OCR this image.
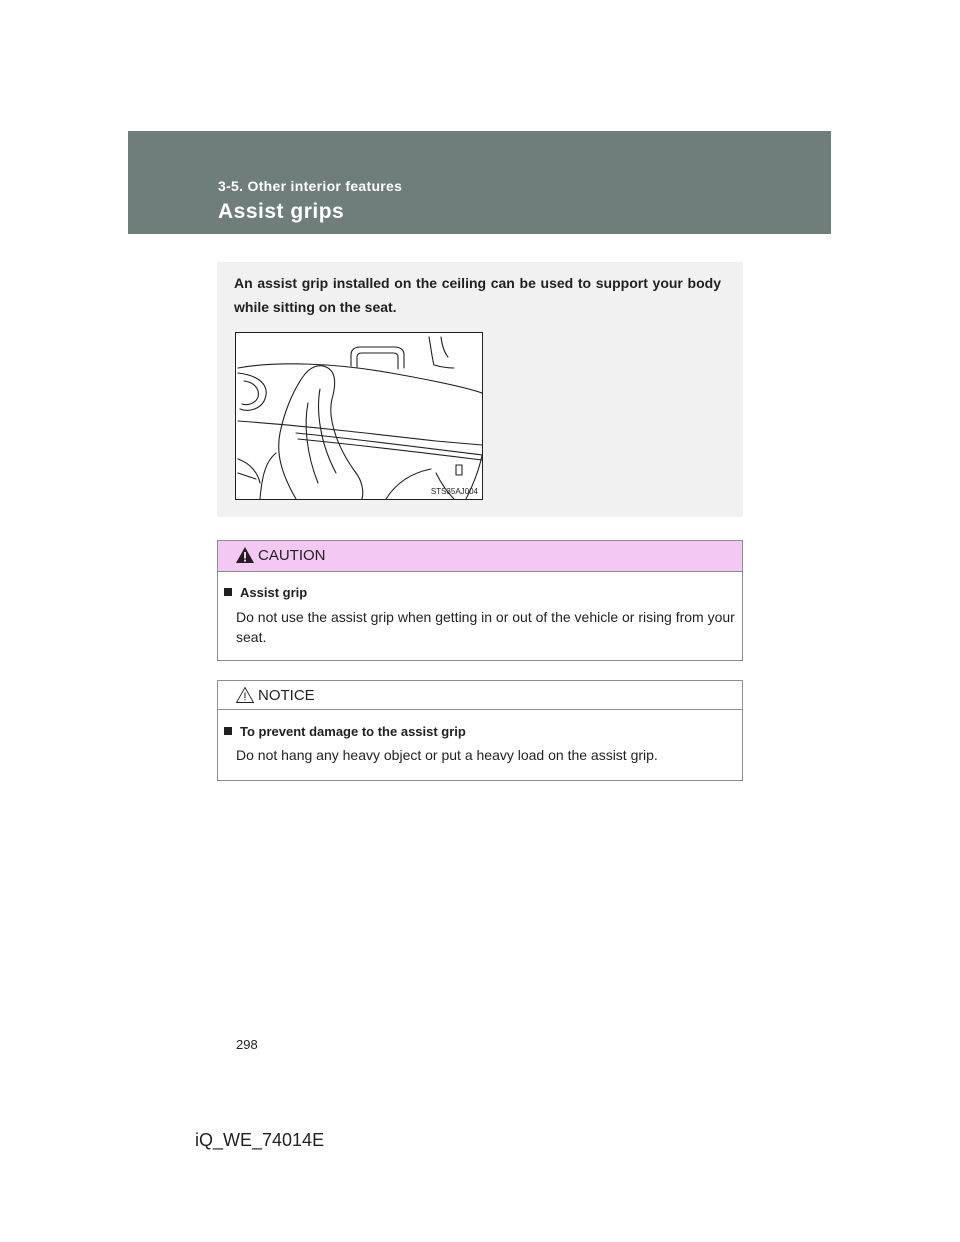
3-5. Other interior features
Assist grips
An assist grip installed on the ceiling can be used to support your body while sitting on the seat.
STS35AJ004
CAUTION
Assist grip
Do not use the assist grip when getting in or out of the vehicle or rising from your seat.
NOTICE
To prevent damage to the assist grip
Do not hang any heavy object or put a heavy load on the assist grip.
298
iQ_WE_74014E
